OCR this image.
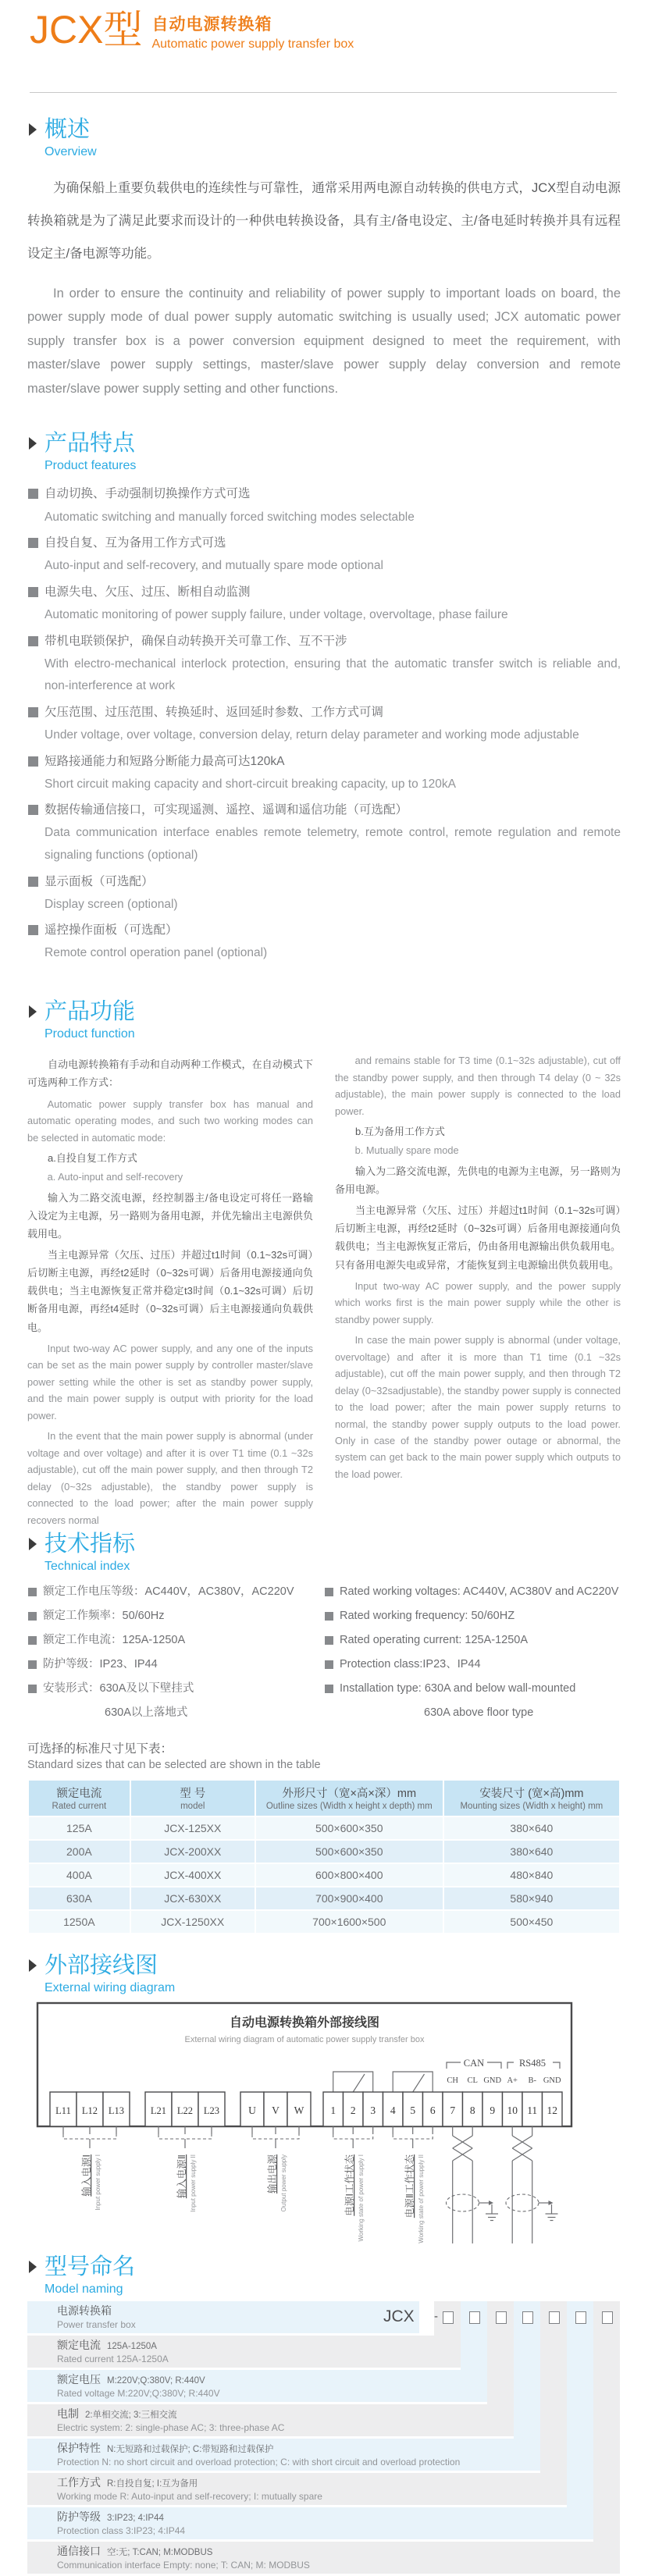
JCX型 自动电源转换箱
Automatic power supply transfer box
概述
Overview

为确保船上重要负载供电的连续性与可靠性，通常采用两电源自动转换的供电方式，JCX型自动电源转换箱就是为了满足此要求而设计的一种供电转换设备，具有主/备电设定、主/备电延时转换并具有远程设定主/备电源等功能。

In order to ensure the continuity and reliability of power supply to important loads on board, the power supply mode of dual power supply automatic switching is usually used; JCX automatic power supply transfer box is a power conversion equipment designed to meet the requirement, with master/slave power supply settings, master/slave power supply delay conversion and remote master/slave power supply setting and other functions.

产品特点
Product features
自动切换、手动强制切换操作方式可选
Automatic switching and manually forced switching modes selectable
自投自复、互为备用工作方式可选
Auto-input and self-recovery, and mutually spare mode optional
电源失电、欠压、过压、断相自动监测
Automatic monitoring of power supply failure, under voltage, overvoltage, phase failure
带机电联锁保护，确保自动转换开关可靠工作、互不干涉
With electro-mechanical interlock protection, ensuring that the automatic transfer switch is reliable and, non-interference at work
欠压范围、过压范围、转换延时、返回延时参数、工作方式可调
Under voltage, over voltage, conversion delay, return delay parameter and working mode adjustable
短路接通能力和短路分断能力最高可达120kA
Short circuit making capacity and short-circuit breaking capacity, up to 120kA
数据传输通信接口，可实现遥测、遥控、遥调和遥信功能（可选配）
Data communication interface enables remote telemetry, remote control, remote regulation and remote signaling functions (optional)
显示面板（可选配）
Display screen (optional)
遥控操作面板（可选配）
Remote control operation panel (optional)
产品功能
Product function

自动电源转换箱有手动和自动两种工作模式，在自动模式下可选两种工作方式：

Automatic power supply transfer box has manual and automatic operating modes, and such two working modes can be selected in automatic mode:

a.自投自复工作方式

a. Auto-input and self-recovery

输入为二路交流电源，经控制器主/备电设定可将任一路输入设定为主电源，另一路则为备用电源，并优先输出主电源供负载用电。

当主电源异常（欠压、过压）并超过t1时间（0.1~32s可调）后切断主电源，再经t2延时（0~32s可调）后备用电源接通向负载供电；当主电源恢复正常并稳定t3时间（0.1~32s可调）后切断备用电源，再经t4延时（0~32s可调）后主电源接通向负载供电。

Input two-way AC power supply, and any one of the inputs can be set as the main power supply by controller master/slave power setting while the other is set as standby power supply, and the main power supply is output with priority for the load power.

In the event that the main power supply is abnormal (under voltage and over voltage) and after it is over T1 time (0.1 ~32s adjustable), cut off the main power supply, and then through T2 delay (0~32s adjustable), the standby power supply is connected to the load power; after the main power supply recovers normal

and remains stable for T3 time (0.1~32s adjustable), cut off the standby power supply, and then through T4 delay (0 ~ 32s adjustable), the main power supply is connected to the load power.

b.互为备用工作方式

b. Mutually spare mode

输入为二路交流电源，先供电的电源为主电源，另一路则为备用电源。

当主电源异常（欠压、过压）并超过t1时间（0.1~32s可调）后切断主电源，再经t2延时（0~32s可调）后备用电源接通向负载供电；当主电源恢复正常后，仍由备用电源输出供负载用电。只有备用电源失电或异常，才能恢复到主电源输出供负载用电。

Input two-way AC power supply, and the power supply which works first is the main power supply while the other is standby power supply.

In case the main power supply is abnormal (under voltage, overvoltage) and after it is more than T1 time (0.1 ~32s adjustable), cut off the main power supply, and then through T2 delay (0~32sadjustable), the standby power supply is connected to the load power; after the main power supply returns to normal, the standby power supply outputs to the load power. Only in case of the standby power outage or abnormal, the system can get back to the main power supply which outputs to the load power.

技术指标
Technical index
额定工作电压等级：AC440V，AC380V，AC220V
额定工作频率：50/60Hz
额定工作电流：125A-1250A
防护等级：IP23、IP44
安装形式：630A及以下壁挂式
630A以上落地式
Rated working voltages: AC440V, AC380V and AC220V
Rated working frequency: 50/60HZ
Rated operating current: 125A-1250A
Protection class:IP23、IP44
Installation type: 630A and below wall-mounted
630A above floor type
可选择的标准尺寸见下表：
Standard sizes that can be selected are shown in the table
额定电流
Rated current

型 号
model

外形尺寸（宽×高×深）mm
Outline sizes (Width x height x depth) mm

安装尺寸 (宽×高)mm
Mounting sizes (Width x height) mm

125A	JCX-125XX	500×600×350	380×640
200A	JCX-200XX	500×600×350	380×640
400A	JCX-400XX	600×800×400	480×840
630A	JCX-630XX	700×900×400	580×940
1250A	JCX-1250XX	700×1600×500	500×450
外部接线图
External wiring diagram
自动电源转换箱外部接线图
External wiring diagram of automatic power supply transfer box
CAN	RS485
CH CL GND A+ B- GND
L11 L12 L13	L21 L22 L23	U V W	1 2 3 4 5 6 7 8 9 10 11 12
输入电源Ⅰ Input power supply I	输入电源Ⅱ Input power supply II	输出电源 Output power supply	电源Ⅰ工作状态 Working state of power supply I	电源Ⅱ工作状态 Working state of power supply II
型号命名
Model naming
电源转换箱
Power transfer box
额定电流 125A-1250A
Rated current 125A-1250A
额定电压 M:220V;Q:380V; R:440V
Rated voltage M:220V;Q:380V; R:440V
电制 2:单相交流; 3:三相交流
Electric system: 2: single-phase AC; 3: three-phase AC
保护特性 N:无短路和过载保护; C:带短路和过载保护
Protection N: no short circuit and overload protection; C: with short circuit and overload protection
工作方式 R:自投自复; I:互为备用
Working mode R: Auto-input and self-recovery; I: mutually spare
防护等级 3:IP23; 4:IP44
Protection class 3:IP23; 4:IP44
通信接口 空:无; T:CAN; M:MODBUS
Communication interface Empty: none; T: CAN; M: MODBUS
JCX -
